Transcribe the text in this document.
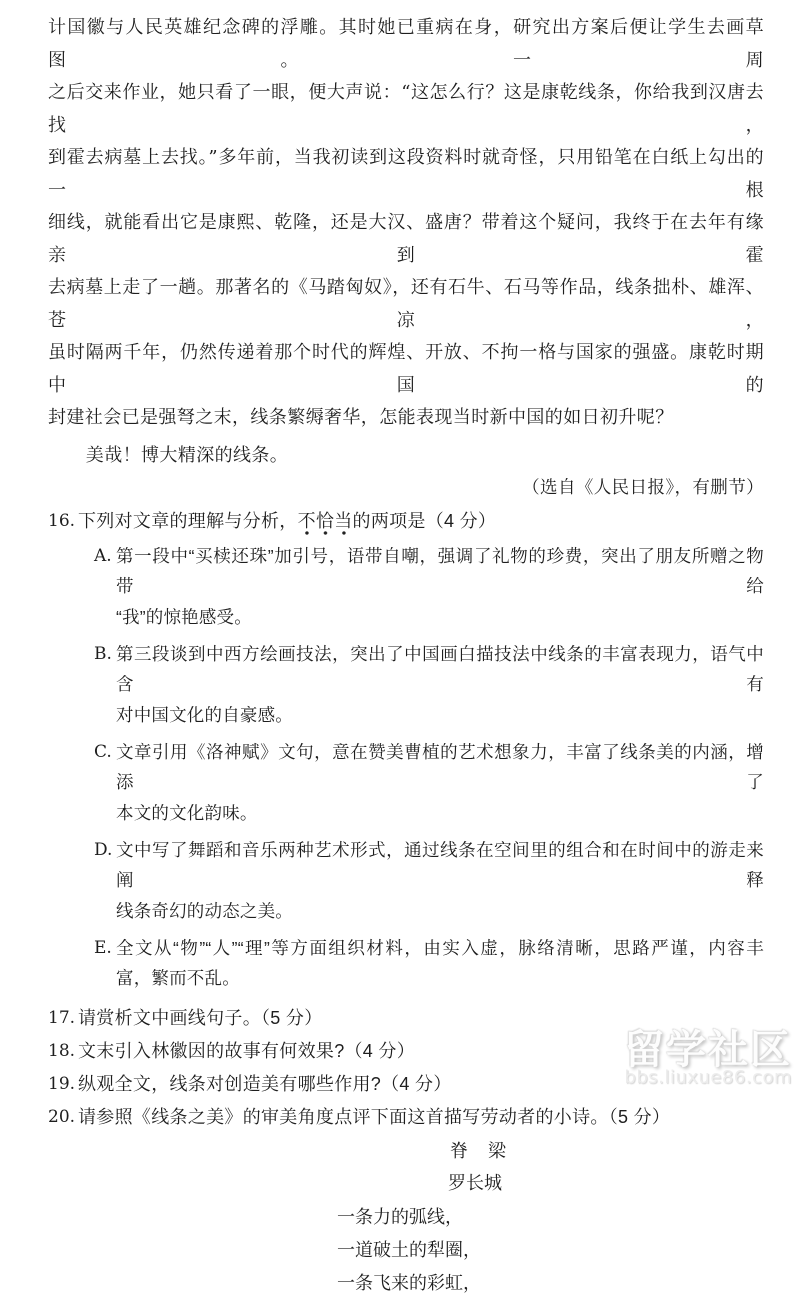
计国徽与人民英雄纪念碑的浮雕。其时她已重病在身，研究出方案后便让学生去画草图。一周
之后交来作业，她只看了一眼，便大声说：“这怎么行？这是康乾线条，你给我到汉唐去找，
到霍去病墓上去找。”多年前，当我初读到这段资料时就奇怪，只用铅笔在白纸上勾出的一根
细线，就能看出它是康熙、乾隆，还是大汉、盛唐？带着这个疑问，我终于在去年有缘亲到霍
去病墓上走了一趟。那著名的《马踏匈奴》，还有石牛、石马等作品，线条拙朴、雄浑、苍凉，
虽时隔两千年，仍然传递着那个时代的辉煌、开放、不拘一格与国家的强盛。康乾时期中国的
封建社会已是强弩之末，线条繁缛奢华，怎能表现当时新中国的如日初升呢？
美哉！博大精深的线条。
（选自《人民日报》，有删节）
16. 下列对文章的理解与分析，不恰当的两项是（4 分）
A. 第一段中“买椟还珠”加引号，语带自嘲，强调了礼物的珍费，突出了朋友所赠之物带给
“我”的惊艳感受。
B. 第三段谈到中西方绘画技法，突出了中国画白描技法中线条的丰富表现力，语气中含有
对中国文化的自豪感。
C. 文章引用《洛神赋》文句，意在赞美曹植的艺术想象力，丰富了线条美的内涵，增添了
本文的文化韵味。
D. 文中写了舞蹈和音乐两种艺术形式，通过线条在空间里的组合和在时间中的游走来阐释
线条奇幻的动态之美。
E. 全文从“物”“人”“理”等方面组织材料，由实入虚，脉络清晰，思路严谨，内容丰
富，繁而不乱。
17. 请赏析文中画线句子。（5 分）
18. 文末引入林徽因的故事有何效果?（4 分）
19. 纵观全文，线条对创造美有哪些作用?（4 分）
20. 请参照《线条之美》的审美角度点评下面这首描写劳动者的小诗。（5 分）
脊　梁
罗长城
一条力的弧线，
一道破土的犁圈，
一条飞来的彩虹，
留学社区
bbs.liuxue86.com
